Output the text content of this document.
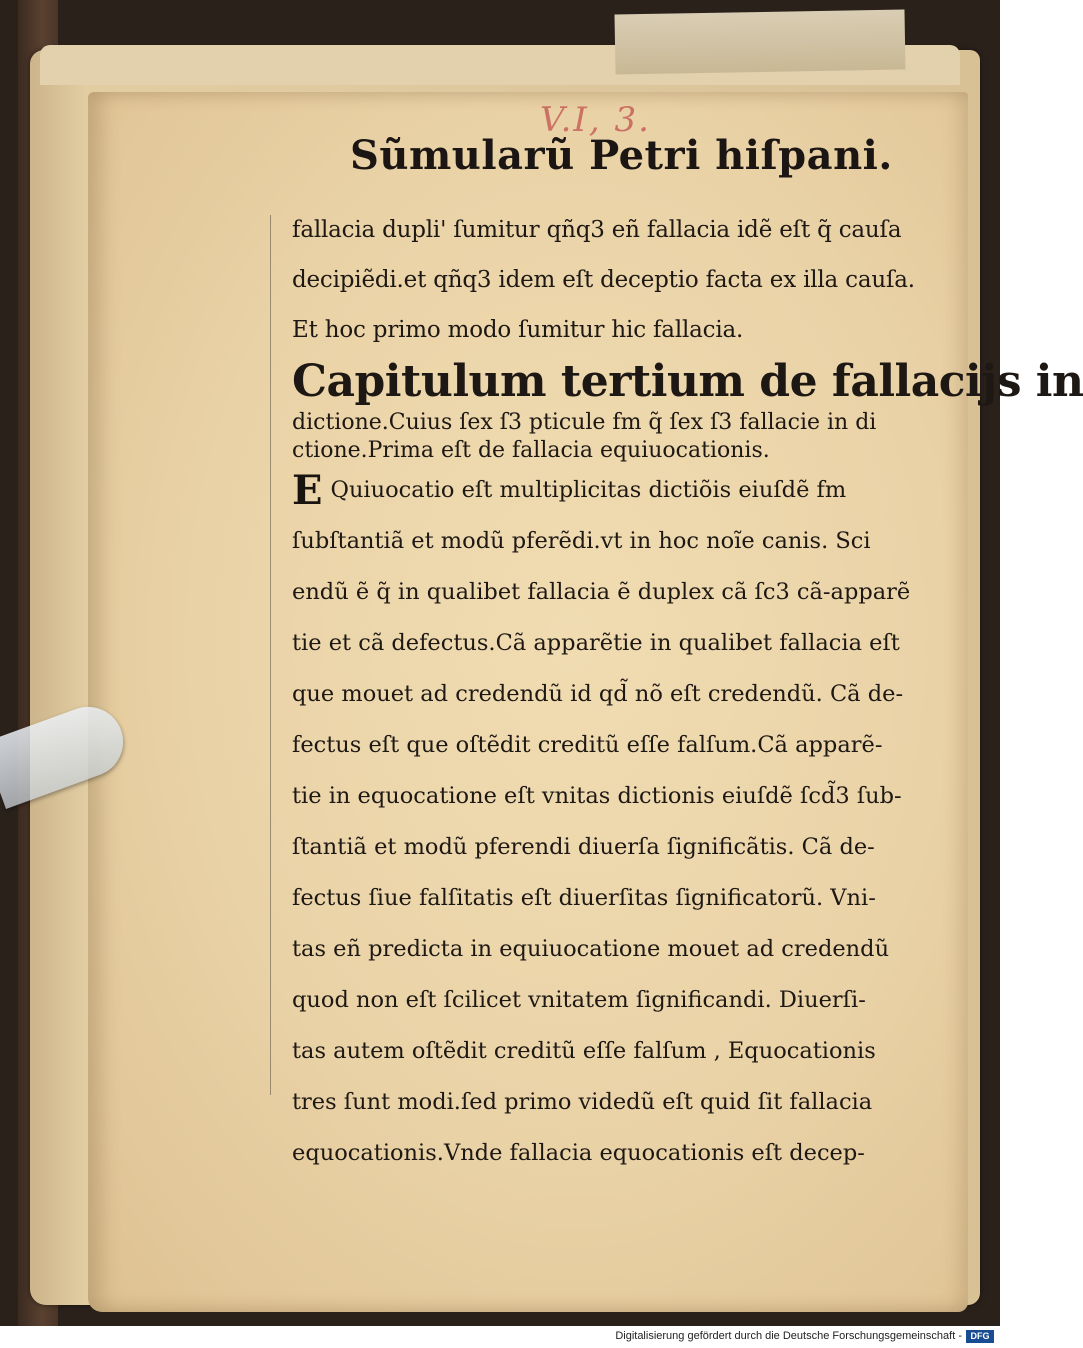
V.I, 3.
Sũmularũ Petri hiſpani.
fallacia dupli' ſumitur qñq3 eñ fallacia idẽ eſt q̃ cauſa
decipiẽdi.et qñq3 idem eſt deceptio facta ex illa cauſa.
Et hoc primo modo ſumitur hic fallacia.
Capitulum tertium de fallacijs in
dictione.Cuius ſex ſ3 pticule fm q̃ ſex ſ3 fallacie in di
ctione.Prima eſt de fallacia equiuocationis.
E Quiuocatio eſt multiplicitas dictiõis eiuſdẽ fm
ſubſtantiã et modũ pferẽdi.vt in hoc noĩe canis. Sci
endũ ẽ q̃ in qualibet fallacia ẽ duplex cã ſc3 cã-apparẽ
tie et cã defectus.Cã apparẽtie in qualibet fallacia eſt
que mouet ad credendũ id qd̃ nõ eſt credendũ. Cã de-
fectus eſt que oſtẽdit creditũ eſſe falſum.Cã apparẽ-
tie in equocatione eſt vnitas dictionis eiuſdẽ ſcd̃3 ſub-
ſtantiã et modũ pferendi diuerſa ſignificãtis. Cã de-
fectus ſiue falſitatis eſt diuerſitas ſignificatorũ. Vni-
tas eñ predicta in equiuocatione mouet ad credendũ
quod non eſt ſcilicet vnitatem ſignificandi. Diuerſi-
tas autem oſtẽdit creditũ eſſe falſum , Equocationis
tres ſunt modi.ſed primo videdũ eſt quid ſit fallacia
equocationis.Vnde fallacia equocationis eſt decep-
Digitalisierung gefördert durch die Deutsche Forschungsgemeinschaft - DFG
